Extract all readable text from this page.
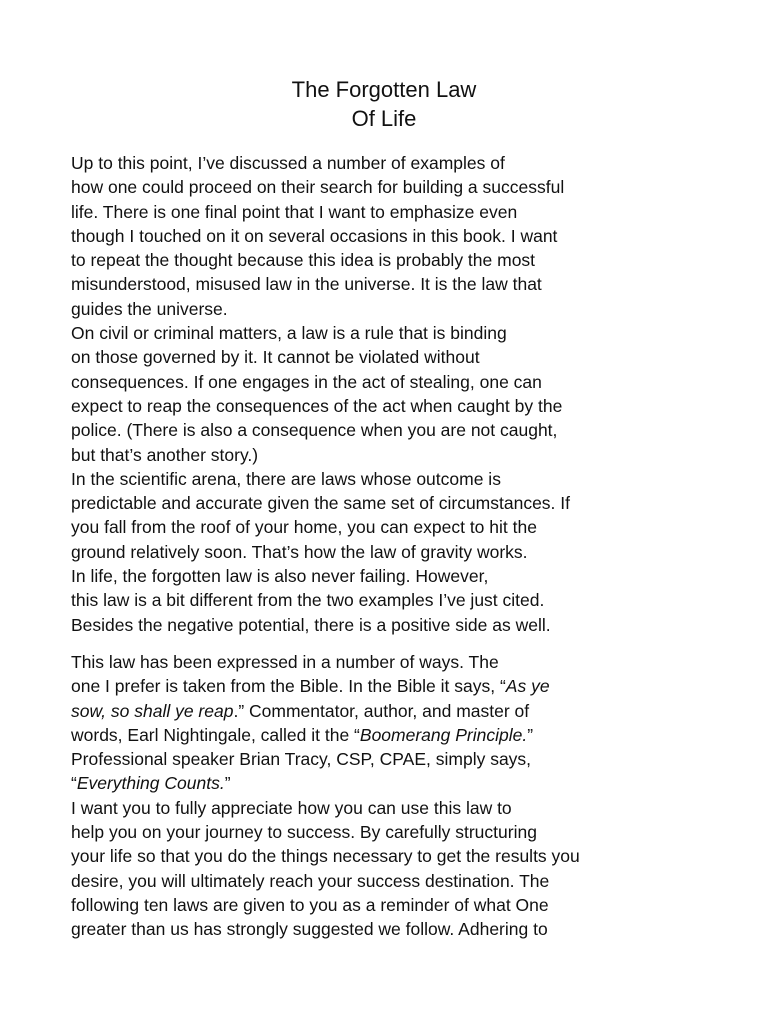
The Forgotten Law
Of Life
Up to this point, I’ve discussed a number of examples of
how one could proceed on their search for building a successful
life. There is one final point that I want to emphasize even
though I touched on it on several occasions in this book. I want
to repeat the thought because this idea is probably the most
misunderstood, misused law in the universe. It is the law that
guides the universe.
On civil or criminal matters, a law is a rule that is binding
on those governed by it. It cannot be violated without
consequences. If one engages in the act of stealing, one can
expect to reap the consequences of the act when caught by the
police. (There is also a consequence when you are not caught,
but that’s another story.)
In the scientific arena, there are laws whose outcome is
predictable and accurate given the same set of circumstances. If
you fall from the roof of your home, you can expect to hit the
ground relatively soon. That’s how the law of gravity works.
In life, the forgotten law is also never failing. However,
this law is a bit different from the two examples I’ve just cited.
Besides the negative potential, there is a positive side as well.
This law has been expressed in a number of ways. The
one I prefer is taken from the Bible. In the Bible it says, “As ye
sow, so shall ye reap.” Commentator, author, and master of
words, Earl Nightingale, called it the “Boomerang Principle.”
Professional speaker Brian Tracy, CSP, CPAE, simply says,
“Everything Counts.”
I want you to fully appreciate how you can use this law to
help you on your journey to success. By carefully structuring
your life so that you do the things necessary to get the results you
desire, you will ultimately reach your success destination. The
following ten laws are given to you as a reminder of what One
greater than us has strongly suggested we follow. Adhering to
